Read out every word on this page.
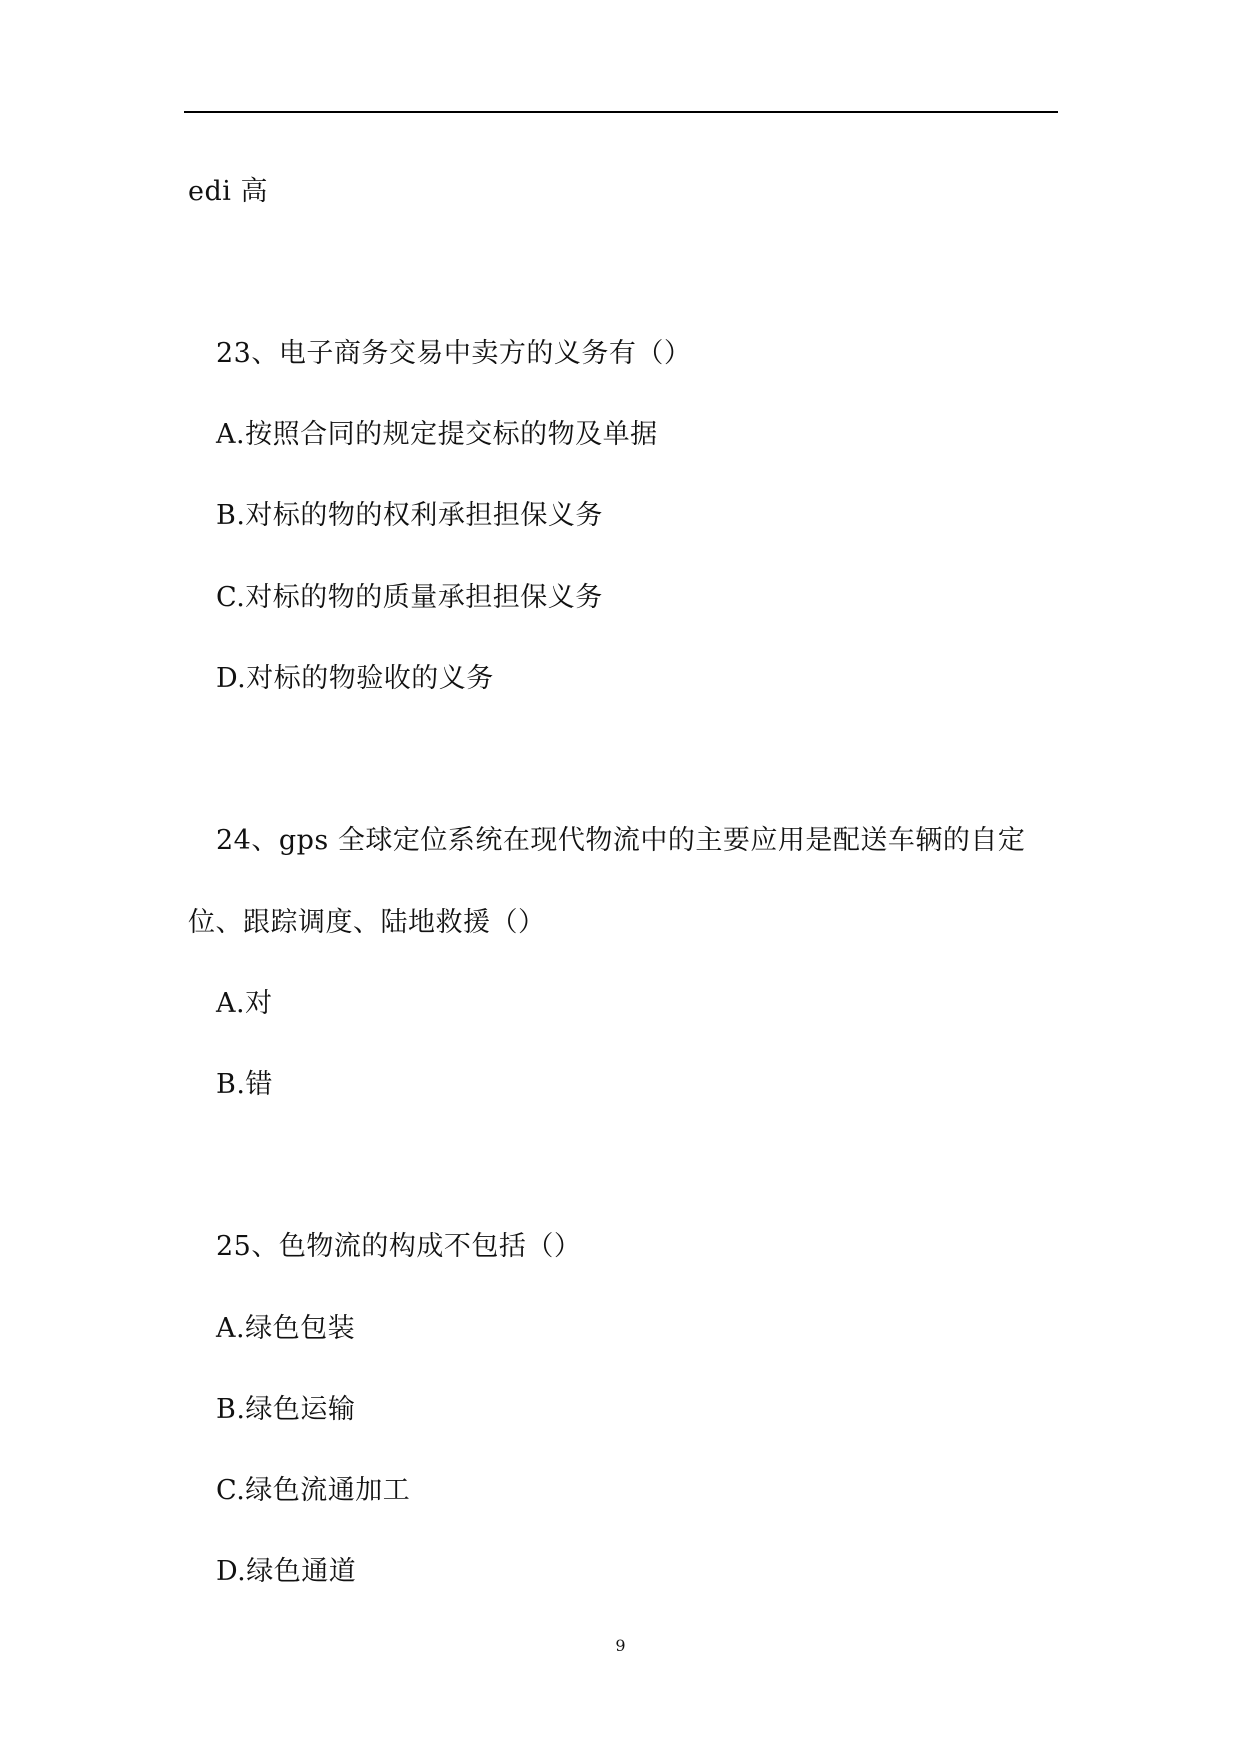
edi 高
23、电子商务交易中卖方的义务有（）
A.按照合同的规定提交标的物及单据
B.对标的物的权利承担担保义务
C.对标的物的质量承担担保义务
D.对标的物验收的义务
24、gps 全球定位系统在现代物流中的主要应用是配送车辆的自定
位、跟踪调度、陆地救援（）
A.对
B.错
25、色物流的构成不包括（）
A.绿色包装
B.绿色运输
C.绿色流通加工
D.绿色通道
9
